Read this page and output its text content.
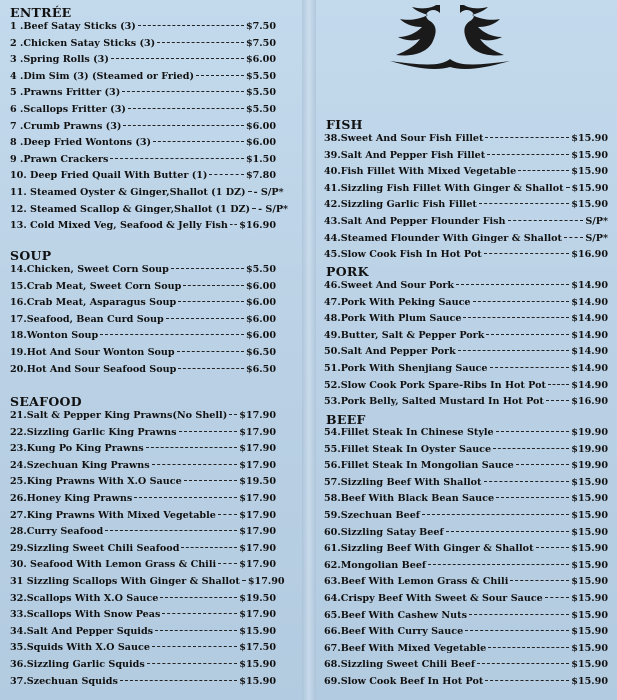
ENTRÉE
1 .Beef Satay Sticks (3)	$7.50
2 .Chicken Satay Sticks (3)	$7.50
3 .Spring Rolls (3)	$6.00
4 .Dim Sim (3) (Steamed or Fried)	$5.50
5 .Prawns Fritter (3)	$5.50
6 .Scallops Fritter (3)	$5.50
7 .Crumb Prawns (3)	$6.00
8 .Deep Fried Wontons (3)	$6.00
9 .Prawn Crackers	$1.50
10. Deep Fried Quail With Butter (1)	$7.80
11. Steamed Oyster & Ginger,Shallot (1 DZ) - S/P*
12. Steamed Scallop & Ginger,Shallot (1 DZ) - S/P*
13. Cold Mixed Veg, Seafood & Jelly Fish $16.90
SOUP
14.Chicken, Sweet Corn Soup	$5.50
15.Crab Meat, Sweet Corn Soup	$6.00
16.Crab Meat, Asparagus Soup	$6.00
17.Seafood, Bean Curd Soup	$6.00
18.Wonton Soup	$6.00
19.Hot And Sour Wonton Soup	$6.50
20.Hot And Sour Seafood Soup	$6.50
SEAFOOD
21.Salt & Pepper King Prawns(No Shell) $17.90
22.Sizzling Garlic King Prawns	$17.90
23.Kung Po King Prawns	$17.90
24.Szechuan King Prawns	$17.90
25.King Prawns With X.O Sauce	$19.50
26.Honey King Prawns	$17.90
27.King Prawns With Mixed Vegetable $17.90
28.Curry Seafood	$17.90
29.Sizzling Sweet Chili Seafood	$17.90
30. Seafood With Lemon Grass & Chili $17.90
31 Sizzling Scallops With Ginger & Shallot $17.90
32.Scallops With X.O Sauce	$19.50
33.Scallops With Snow Peas	$17.90
34.Salt And Pepper Squids	$15.90
35.Squids With X.O Sauce	$17.50
36.Sizzling Garlic Squids	$15.90
37.Szechuan Squids	$15.90
FISH
38.Sweet And Sour Fish Fillet	$15.90
39.Salt And Pepper Fish Fillet	$15.90
40.Fish Fillet With Mixed Vegetable	$15.90
41.Sizzling Fish Fillet With Ginger & Shallot $15.90
42.Sizzling Garlic Fish Fillet	$15.90
43.Salt And Pepper Flounder Fish	S/P*
44.Steamed Flounder With Ginger & Shallot S/P*
45.Slow Cook Fish In Hot Pot	$16.90
PORK
46.Sweet And Sour Pork	$14.90
47.Pork With Peking Sauce	$14.90
48.Pork With Plum Sauce	$14.90
49.Butter, Salt & Pepper Pork	$14.90
50.Salt And Pepper Pork	$14.90
51.Pork With Shenjiang Sauce	$14.90
52.Slow Cook Pork Spare-Ribs In Hot Pot	$14.90
53.Pork Belly, Salted Mustard In Hot Pot	$16.90
BEEF
54.Fillet Steak In Chinese Style	$19.90
55.Fillet Steak In Oyster Sauce	$19.90
56.Fillet Steak In Mongolian Sauce	$19.90
57.Sizzling Beef With Shallot	$15.90
58.Beef With Black Bean Sauce	$15.90
59.Szechuan Beef	$15.90
60.Sizzling Satay Beef	$15.90
61.Sizzling Beef With Ginger & Shallot	$15.90
62.Mongolian Beef	$15.90
63.Beef With Lemon Grass & Chili	$15.90
64.Crispy Beef With Sweet & Sour Sauce	$15.90
65.Beef With Cashew Nuts	$15.90
66.Beef With Curry Sauce	$15.90
67.Beef With Mixed Vegetable	$15.90
68.Sizzling Sweet Chili Beef	$15.90
69.Slow Cook Beef In Hot Pot	$15.90
